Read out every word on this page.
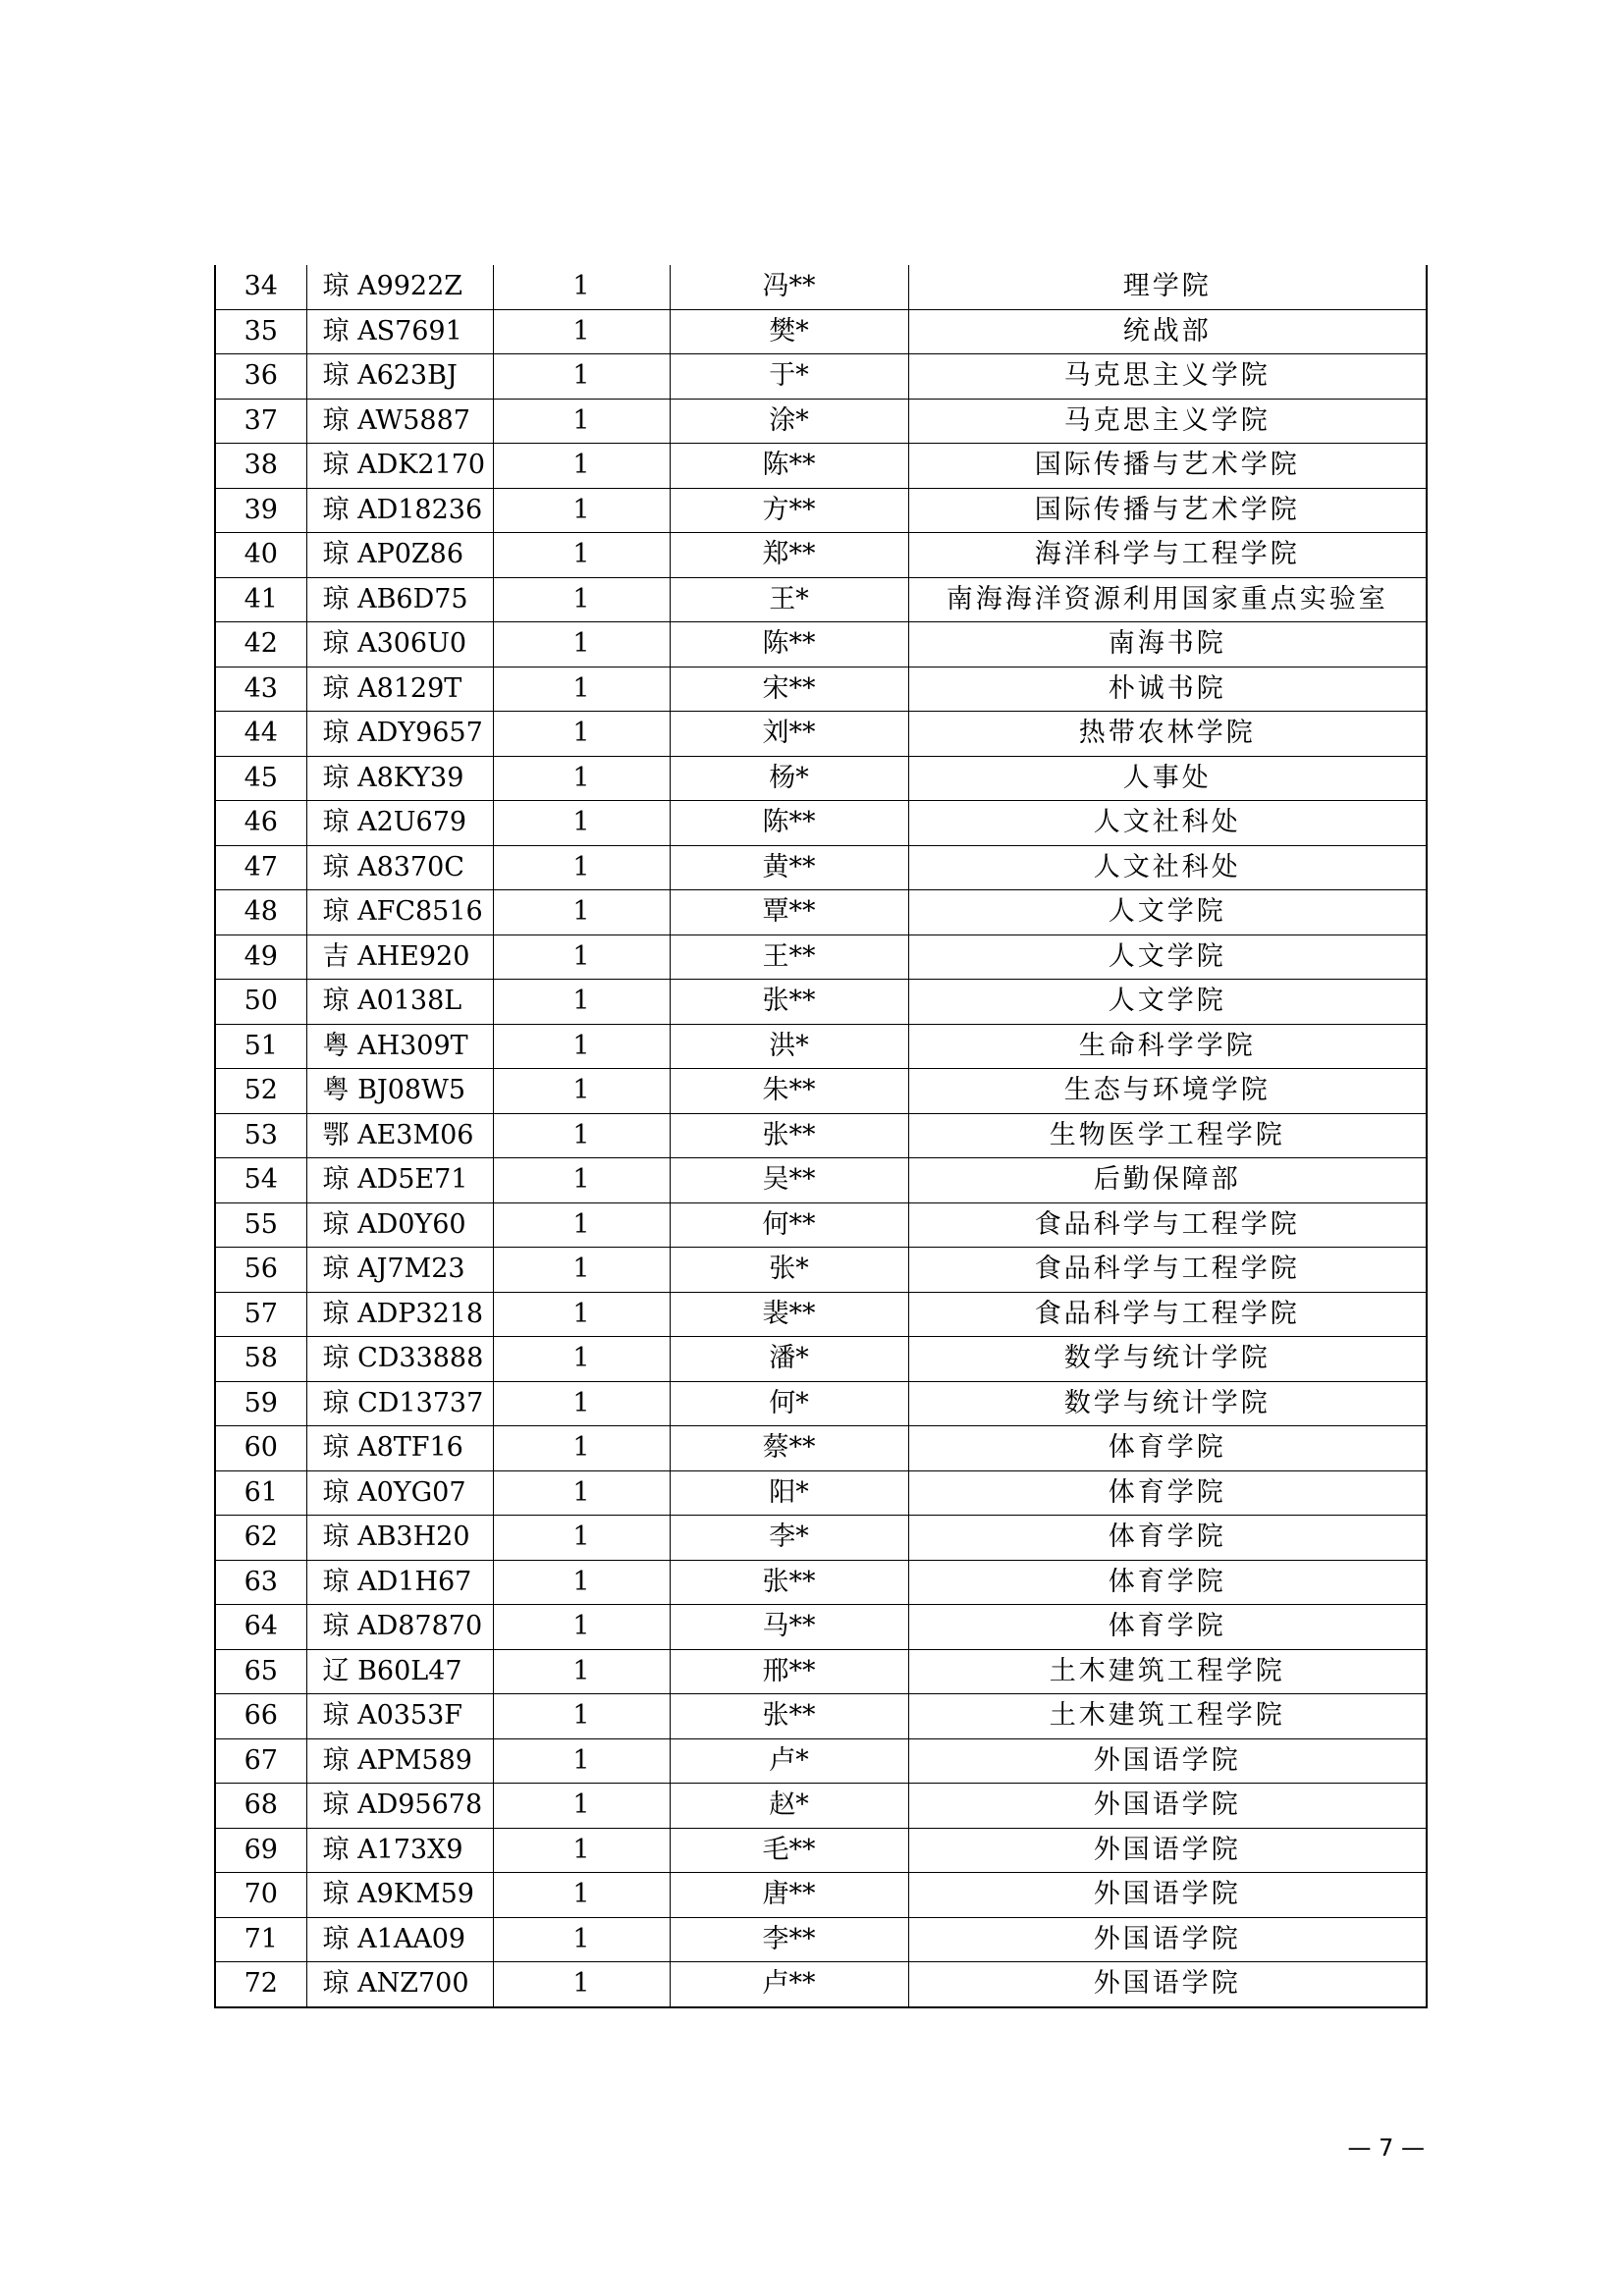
34	琼 A9922Z	1	冯**	理学院
35	琼 AS7691	1	樊*	统战部
36	琼 A623BJ	1	于*	马克思主义学院
37	琼 AW5887	1	涂*	马克思主义学院
38	琼 ADK2170	1	陈**	国际传播与艺术学院
39	琼 AD18236	1	方**	国际传播与艺术学院
40	琼 AP0Z86	1	郑**	海洋科学与工程学院
41	琼 AB6D75	1	王*	南海海洋资源利用国家重点实验室
42	琼 A306U0	1	陈**	南海书院
43	琼 A8129T	1	宋**	朴诚书院
44	琼 ADY9657	1	刘**	热带农林学院
45	琼 A8KY39	1	杨*	人事处
46	琼 A2U679	1	陈**	人文社科处
47	琼 A8370C	1	黄**	人文社科处
48	琼 AFC8516	1	覃**	人文学院
49	吉 AHE920	1	王**	人文学院
50	琼 A0138L	1	张**	人文学院
51	粤 AH309T	1	洪*	生命科学学院
52	粤 BJ08W5	1	朱**	生态与环境学院
53	鄂 AE3M06	1	张**	生物医学工程学院
54	琼 AD5E71	1	吴**	后勤保障部
55	琼 AD0Y60	1	何**	食品科学与工程学院
56	琼 AJ7M23	1	张*	食品科学与工程学院
57	琼 ADP3218	1	裴**	食品科学与工程学院
58	琼 CD33888	1	潘*	数学与统计学院
59	琼 CD13737	1	何*	数学与统计学院
60	琼 A8TF16	1	蔡**	体育学院
61	琼 A0YG07	1	阳*	体育学院
62	琼 AB3H20	1	李*	体育学院
63	琼 AD1H67	1	张**	体育学院
64	琼 AD87870	1	马**	体育学院
65	辽 B60L47	1	邢**	土木建筑工程学院
66	琼 A0353F	1	张**	土木建筑工程学院
67	琼 APM589	1	卢*	外国语学院
68	琼 AD95678	1	赵*	外国语学院
69	琼 A173X9	1	毛**	外国语学院
70	琼 A9KM59	1	唐**	外国语学院
71	琼 A1AA09	1	李**	外国语学院
72	琼 ANZ700	1	卢**	外国语学院
— 7 —
